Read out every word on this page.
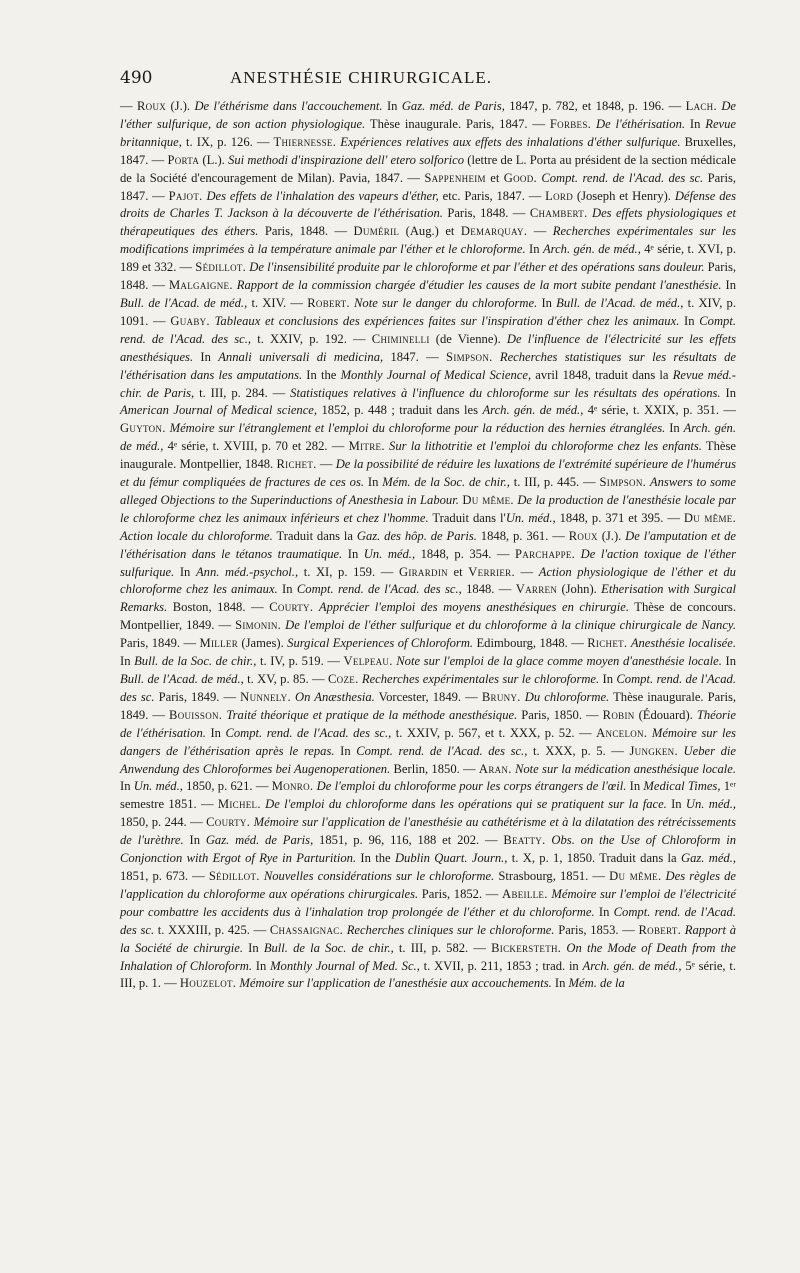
490	ANESTHÉSIE CHIRURGICALE.

— Roux (J.). De l'éthérisme dans l'accouchement. In Gaz. méd. de Paris, 1847, p. 782, et 1848, p. 196. — Lach. De l'éther sulfurique, de son action physiologique. Thèse inaugurale. Paris, 1847. — Forbes. De l'éthérisation. In Revue britannique, t. IX, p. 126. — Thiernesse. Expériences relatives aux effets des inhalations d'éther sulfurique. Bruxelles, 1847. — Porta (L.). Sui methodi d'inspirazione dell' etero solforico (lettre de L. Porta au président de la section médicale de la Société d'encouragement de Milan). Pavia, 1847. — Sappenheim et Good. Compt. rend. de l'Acad. des sc. Paris, 1847. — Pajot. Des effets de l'inhalation des vapeurs d'éther, etc. Paris, 1847. — Lord (Joseph et Henry). Défense des droits de Charles T. Jackson à la découverte de l'éthérisation. Paris, 1848. — Chambert. Des effets physiologiques et thérapeutiques des éthers. Paris, 1848. — Duméril (Aug.) et Demarquay. — Recherches expérimentales sur les modifications imprimées à la température animale par l'éther et le chloroforme. In Arch. gén. de méd., 4ᵉ série, t. XVI, p. 189 et 332. — Sédillot. De l'insensibilité produite par le chloroforme et par l'éther et des opérations sans douleur. Paris, 1848. — Malgaigne. Rapport de la commission chargée d'étudier les causes de la mort subite pendant l'anesthésie. In Bull. de l'Acad. de méd., t. XIV. — Robert. Note sur le danger du chloroforme. In Bull. de l'Acad. de méd., t. XIV, p. 1091. — Guaby. Tableaux et conclusions des expériences faites sur l'inspiration d'éther chez les animaux. In Compt. rend. de l'Acad. des sc., t. XXIV, p. 192. — Chiminelli (de Vienne). De l'influence de l'électricité sur les effets anesthésiques. In Annali universali di medicina, 1847. — Simpson. Recherches statistiques sur les résultats de l'éthérisation dans les amputations. In the Monthly Journal of Medical Science, avril 1848, traduit dans la Revue méd.-chir. de Paris, t. III, p. 284. — Statistiques relatives à l'influence du chloroforme sur les résultats des opérations. In American Journal of Medical science, 1852, p. 448 ; traduit dans les Arch. gén. de méd., 4ᵉ série, t. XXIX, p. 351. — Guyton. Mémoire sur l'étranglement et l'emploi du chloroforme pour la réduction des hernies étranglées. In Arch. gén. de méd., 4ᵉ série, t. XVIII, p. 70 et 282. — Mitre. Sur la lithotritie et l'emploi du chloroforme chez les enfants. Thèse inaugurale. Montpellier, 1848. Richet. — De la possibilité de réduire les luxations de l'extrémité supérieure de l'humérus et du fémur compliquées de fractures de ces os. In Mém. de la Soc. de chir., t. III, p. 445. — Simpson. Answers to some alleged Objections to the Superinductions of Anesthesia in Labour. Du même. De la production de l'anesthésie locale par le chloroforme chez les animaux inférieurs et chez l'homme. Traduit dans l'Un. méd., 1848, p. 371 et 395. — Du même. Action locale du chloroforme. Traduit dans la Gaz. des hôp. de Paris. 1848, p. 361. — Roux (J.). De l'amputation et de l'éthérisation dans le tétanos traumatique. In Un. méd., 1848, p. 354. — Parchappe. De l'action toxique de l'éther sulfurique. In Ann. méd.-psychol., t. XI, p. 159. — Girardin et Verrier. — Action physiologique de l'éther et du chloroforme chez les animaux. In Compt. rend. de l'Acad. des sc., 1848. — Varren (John). Etherisation with Surgical Remarks. Boston, 1848. — Courty. Apprécier l'emploi des moyens anesthésiques en chirurgie. Thèse de concours. Montpellier, 1849. — Simonin. De l'emploi de l'éther sulfurique et du chloroforme à la clinique chirurgicale de Nancy. Paris, 1849. — Miller (James). Surgical Experiences of Chloroform. Edimbourg, 1848. — Richet. Anesthésie localisée. In Bull. de la Soc. de chir., t. IV, p. 519. — Velpeau. Note sur l'emploi de la glace comme moyen d'anesthésie locale. In Bull. de l'Acad. de méd., t. XV, p. 85. — Coze. Recherches expérimentales sur le chloroforme. In Compt. rend. de l'Acad. des sc. Paris, 1849. — Nunnely. On Anæsthesia. Vorcester, 1849. — Bruny. Du chloroforme. Thèse inaugurale. Paris, 1849. — Bouisson. Traité théorique et pratique de la méthode anesthésique. Paris, 1850. — Robin (Édouard). Théorie de l'éthérisation. In Compt. rend. de l'Acad. des sc., t. XXIV, p. 567, et t. XXX, p. 52. — Ancelon. Mémoire sur les dangers de l'éthérisation après le repas. In Compt. rend. de l'Acad. des sc., t. XXX, p. 5. — Jungken. Ueber die Anwendung des Chloroformes bei Augenoperationen. Berlin, 1850. — Aran. Note sur la médication anesthésique locale. In Un. méd., 1850, p. 621. — Monro. De l'emploi du chloroforme pour les corps étrangers de l'œil. In Medical Times, 1ᵉʳ semestre 1851. — Michel. De l'emploi du chloroforme dans les opérations qui se pratiquent sur la face. In Un. méd., 1850, p. 244. — Courty. Mémoire sur l'application de l'anesthésie au cathétérisme et à la dilatation des rétrécissements de l'urèthre. In Gaz. méd. de Paris, 1851, p. 96, 116, 188 et 202. — Beatty. Obs. on the Use of Chloroform in Conjonction with Ergot of Rye in Parturition. In the Dublin Quart. Journ., t. X, p. 1, 1850. Traduit dans la Gaz. méd., 1851, p. 673. — Sédillot. Nouvelles considérations sur le chloroforme. Strasbourg, 1851. — Du même. Des règles de l'application du chloroforme aux opérations chirurgicales. Paris, 1852. — Abeille. Mémoire sur l'emploi de l'électricité pour combattre les accidents dus à l'inhalation trop prolongée de l'éther et du chloroforme. In Compt. rend. de l'Acad. des sc. t. XXXIII, p. 425. — Chassaignac. Recherches cliniques sur le chloroforme. Paris, 1853. — Robert. Rapport à la Société de chirurgie. In Bull. de la Soc. de chir., t. III, p. 582. — Bickersteth. On the Mode of Death from the Inhalation of Chloroform. In Monthly Journal of Med. Sc., t. XVII, p. 211, 1853 ; trad. in Arch. gén. de méd., 5ᵉ série, t. III, p. 1. — Houzelot. Mémoire sur l'application de l'anesthésie aux accouchements. In Mém. de la
